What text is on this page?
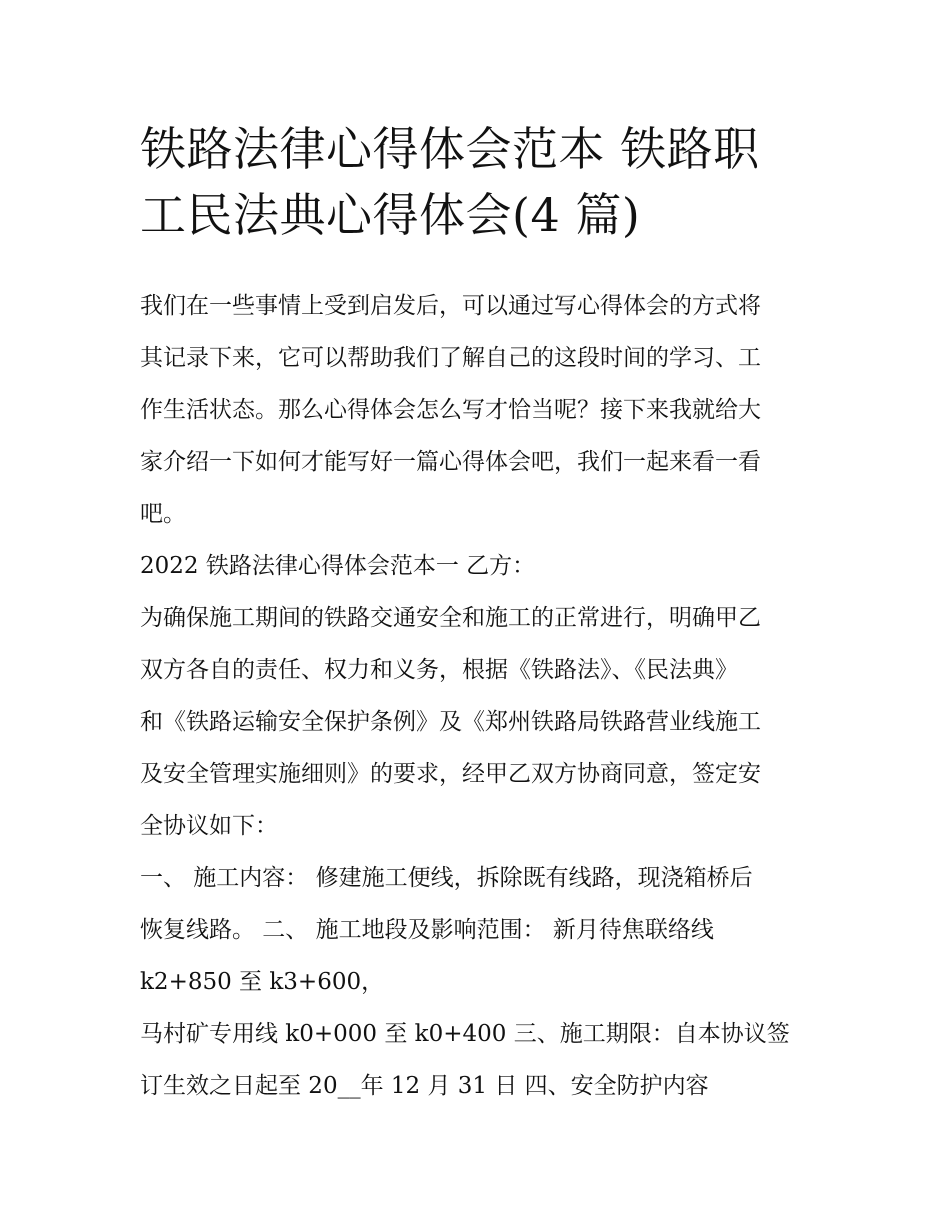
铁路法律心得体会范本 铁路职
工民法典心得体会(4 篇)

我们在一些事情上受到启发后，可以通过写心得体会的方式将
其记录下来，它可以帮助我们了解自己的这段时间的学习、工
作生活状态。那么心得体会怎么写才恰当呢？接下来我就给大
家介绍一下如何才能写好一篇心得体会吧，我们一起来看一看
吧。

2022 铁路法律心得体会范本一 乙方：

为确保施工期间的铁路交通安全和施工的正常进行，明确甲乙
双方各自的责任、权力和义务，根据《铁路法》、《民法典》
和《铁路运输安全保护条例》及《郑州铁路局铁路营业线施工
及安全管理实施细则》的要求，经甲乙双方协商同意，签定安
全协议如下：

一、 施工内容： 修建施工便线，拆除既有线路，现浇箱桥后
恢复线路。 二、 施工地段及影响范围： 新月待焦联络线
k2+850 至 k3+600，

马村矿专用线 k0+000 至 k0+400 三、施工期限：自本协议签
订生效之日起至 20__年 12 月 31 日 四、安全防护内容
